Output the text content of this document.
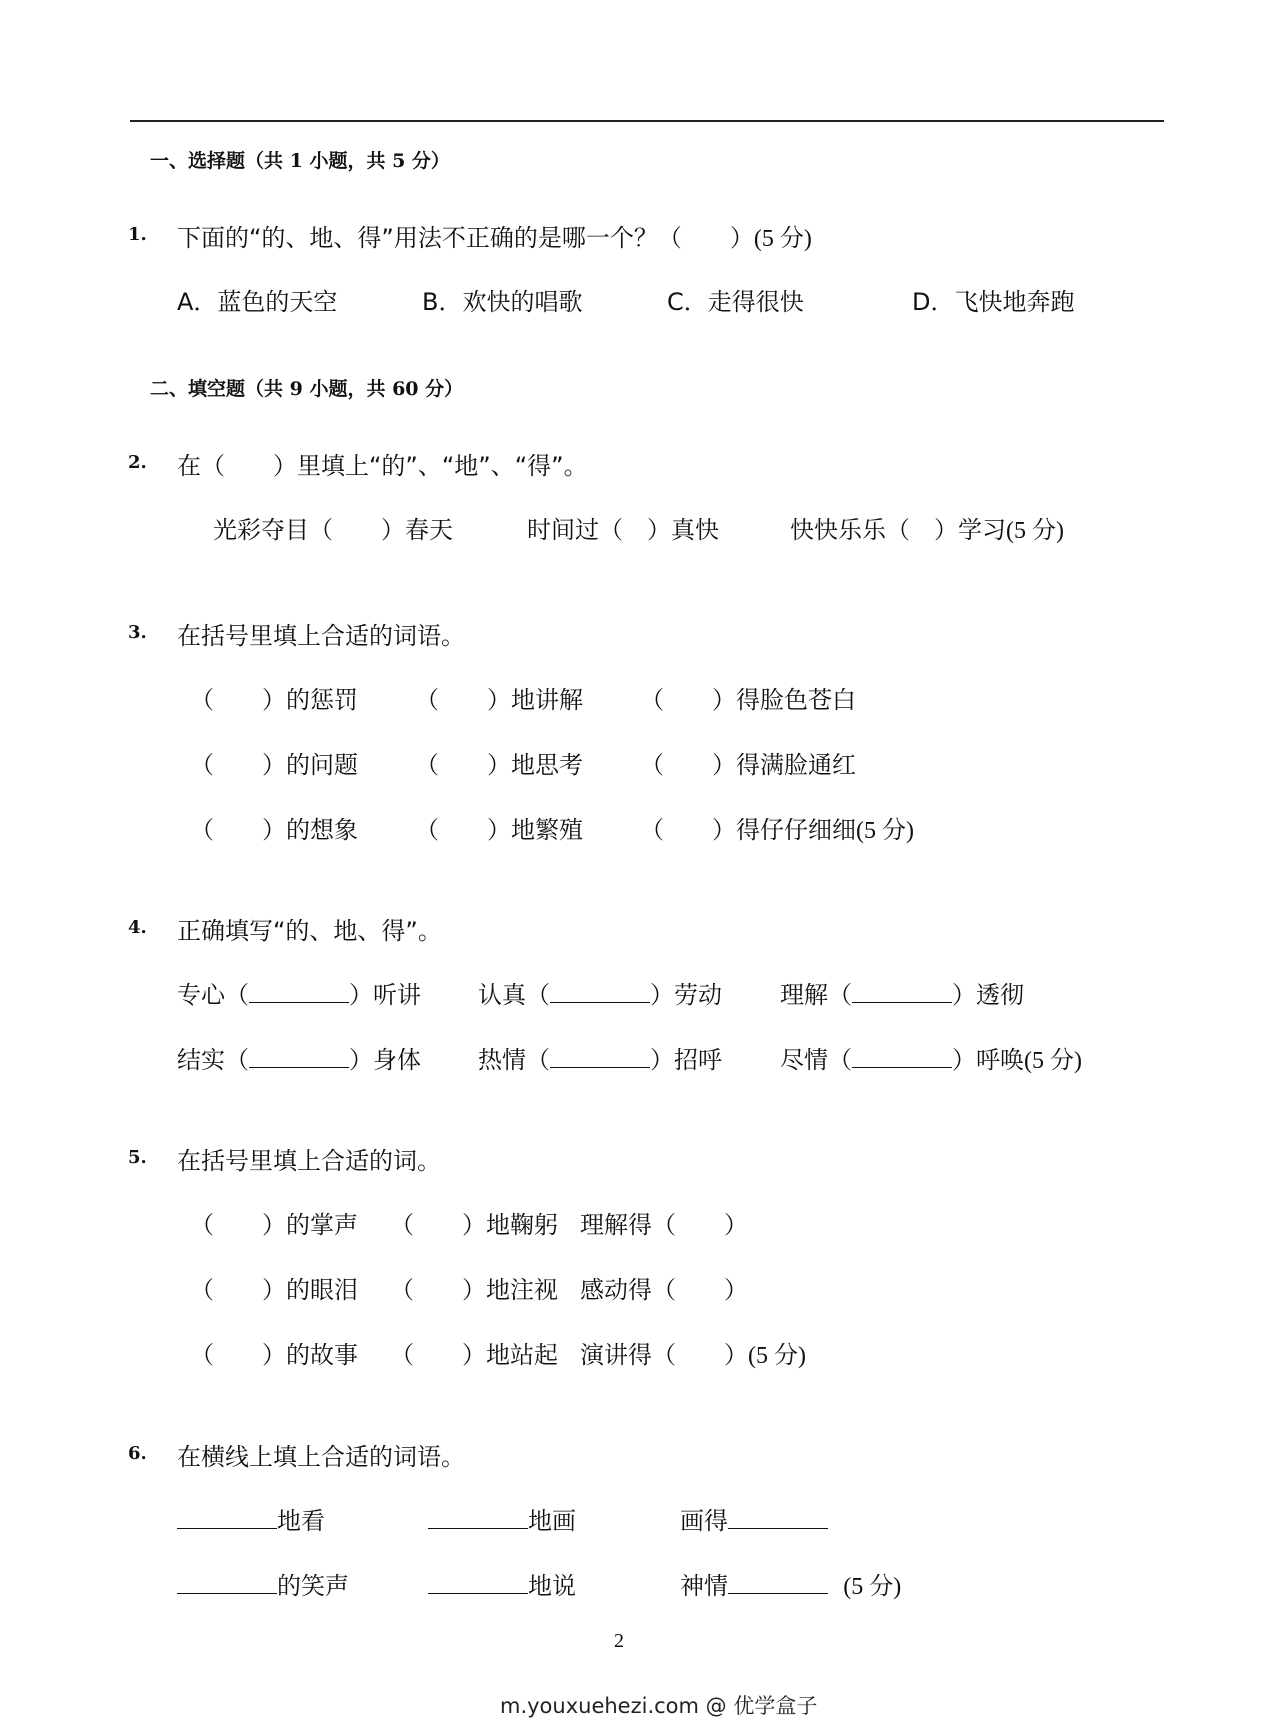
一、选择题（共 1 小题，共 5 分）
1. 下面的“的、地、得”用法不正确的是哪一个？（　　）(5 分)
A．蓝色的天空	B．欢快的唱歌	C．走得很快	D．飞快地奔跑
二、填空题（共 9 小题，共 60 分）
2. 在（　　）里填上“的”、“地”、“得”。
光彩夺目（　　）春天	时间过（　）真快	快快乐乐（　）学习(5 分)
3. 在括号里填上合适的词语。
（　　）的惩罚 （　　）地讲解 （　　）得脸色苍白
（　　）的问题 （　　）地思考 （　　）得满脸通红
（　　）的想象 （　　）地繁殖 （　　）得仔仔细细(5 分)
4. 正确填写“的、地、得”。
专心（	）听讲 认真（	）劳动 理解（	）透彻
结实（	）身体 热情（	）招呼 尽情（	）呼唤(5 分)
5. 在括号里填上合适的词。
（　　）的掌声 （　　）地鞠躬 理解得（　　）
（　　）的眼泪 （　　）地注视 感动得（　　）
（　　）的故事 （　　）地站起 演讲得（　　）(5 分)
6. 在横线上填上合适的词语。
地看	地画	画得
的笑声	地说	神情	(5 分)
2
m.youxuehezi.com @ 优学盒子
